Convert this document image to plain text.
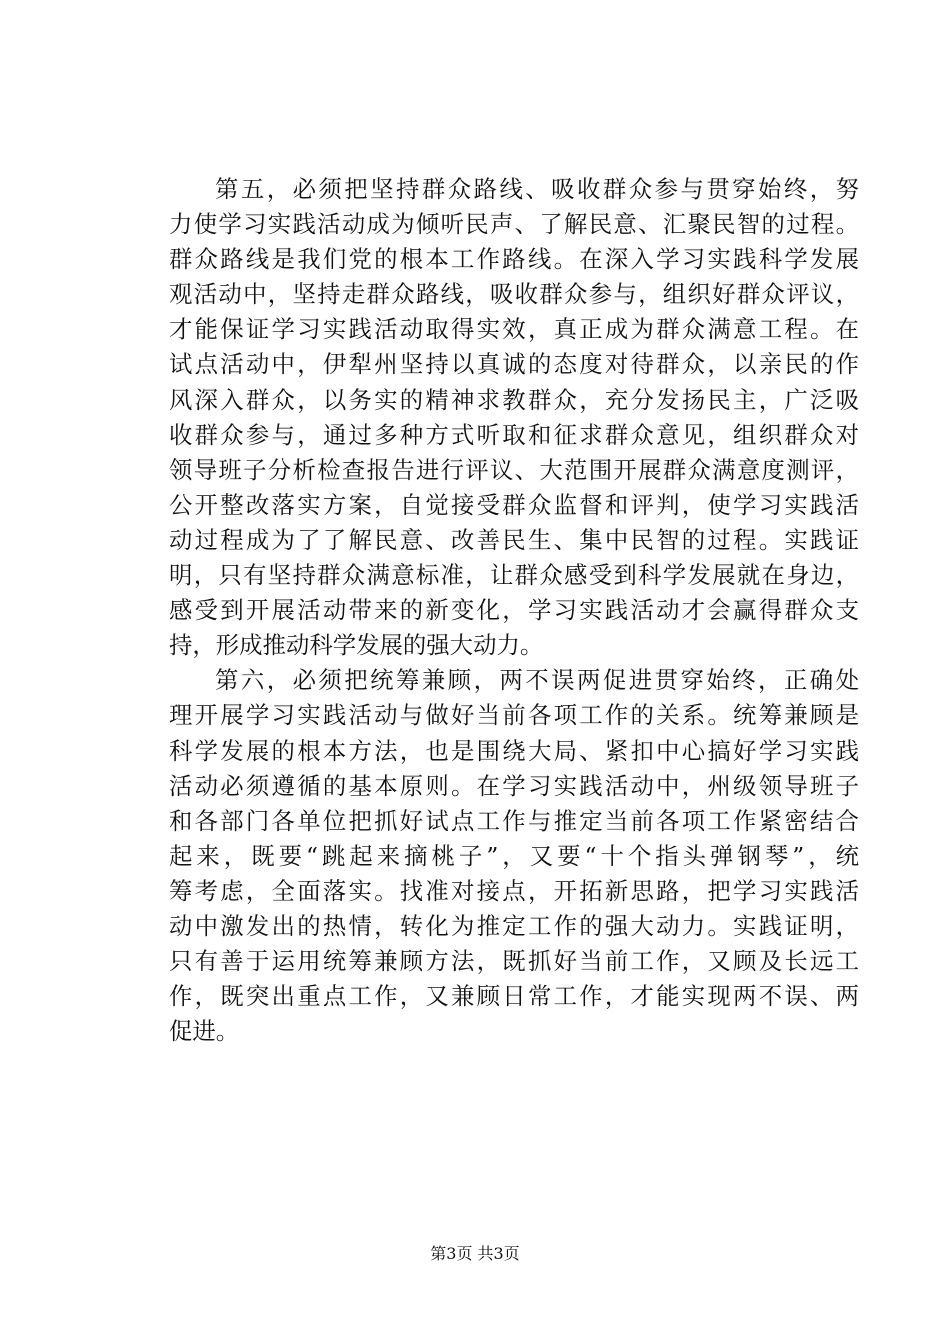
第五，必须把坚持群众路线、吸收群众参与贯穿始终，努
力使学习实践活动成为倾听民声、了解民意、汇聚民智的过程。
群众路线是我们党的根本工作路线。在深入学习实践科学发展
观活动中，坚持走群众路线，吸收群众参与，组织好群众评议，
才能保证学习实践活动取得实效，真正成为群众满意工程。在
试点活动中，伊犁州坚持以真诚的态度对待群众，以亲民的作
风深入群众，以务实的精神求教群众，充分发扬民主，广泛吸
收群众参与，通过多种方式听取和征求群众意见，组织群众对
领导班子分析检查报告进行评议、大范围开展群众满意度测评，
公开整改落实方案，自觉接受群众监督和评判，使学习实践活
动过程成为了了解民意、改善民生、集中民智的过程。实践证
明，只有坚持群众满意标准，让群众感受到科学发展就在身边，
感受到开展活动带来的新变化，学习实践活动才会赢得群众支
持，形成推动科学发展的强大动力。
第六，必须把统筹兼顾，两不误两促进贯穿始终，正确处
理开展学习实践活动与做好当前各项工作的关系。统筹兼顾是
科学发展的根本方法，也是围绕大局、紧扣中心搞好学习实践
活动必须遵循的基本原则。在学习实践活动中，州级领导班子
和各部门各单位把抓好试点工作与推定当前各项工作紧密结合
起来，既要“跳起来摘桃子”，又要“十个指头弹钢琴”，统
筹考虑，全面落实。找准对接点，开拓新思路，把学习实践活
动中激发出的热情，转化为推定工作的强大动力。实践证明，
只有善于运用统筹兼顾方法，既抓好当前工作，又顾及长远工
作，既突出重点工作，又兼顾日常工作，才能实现两不误、两
促进。
第3页 共3页
